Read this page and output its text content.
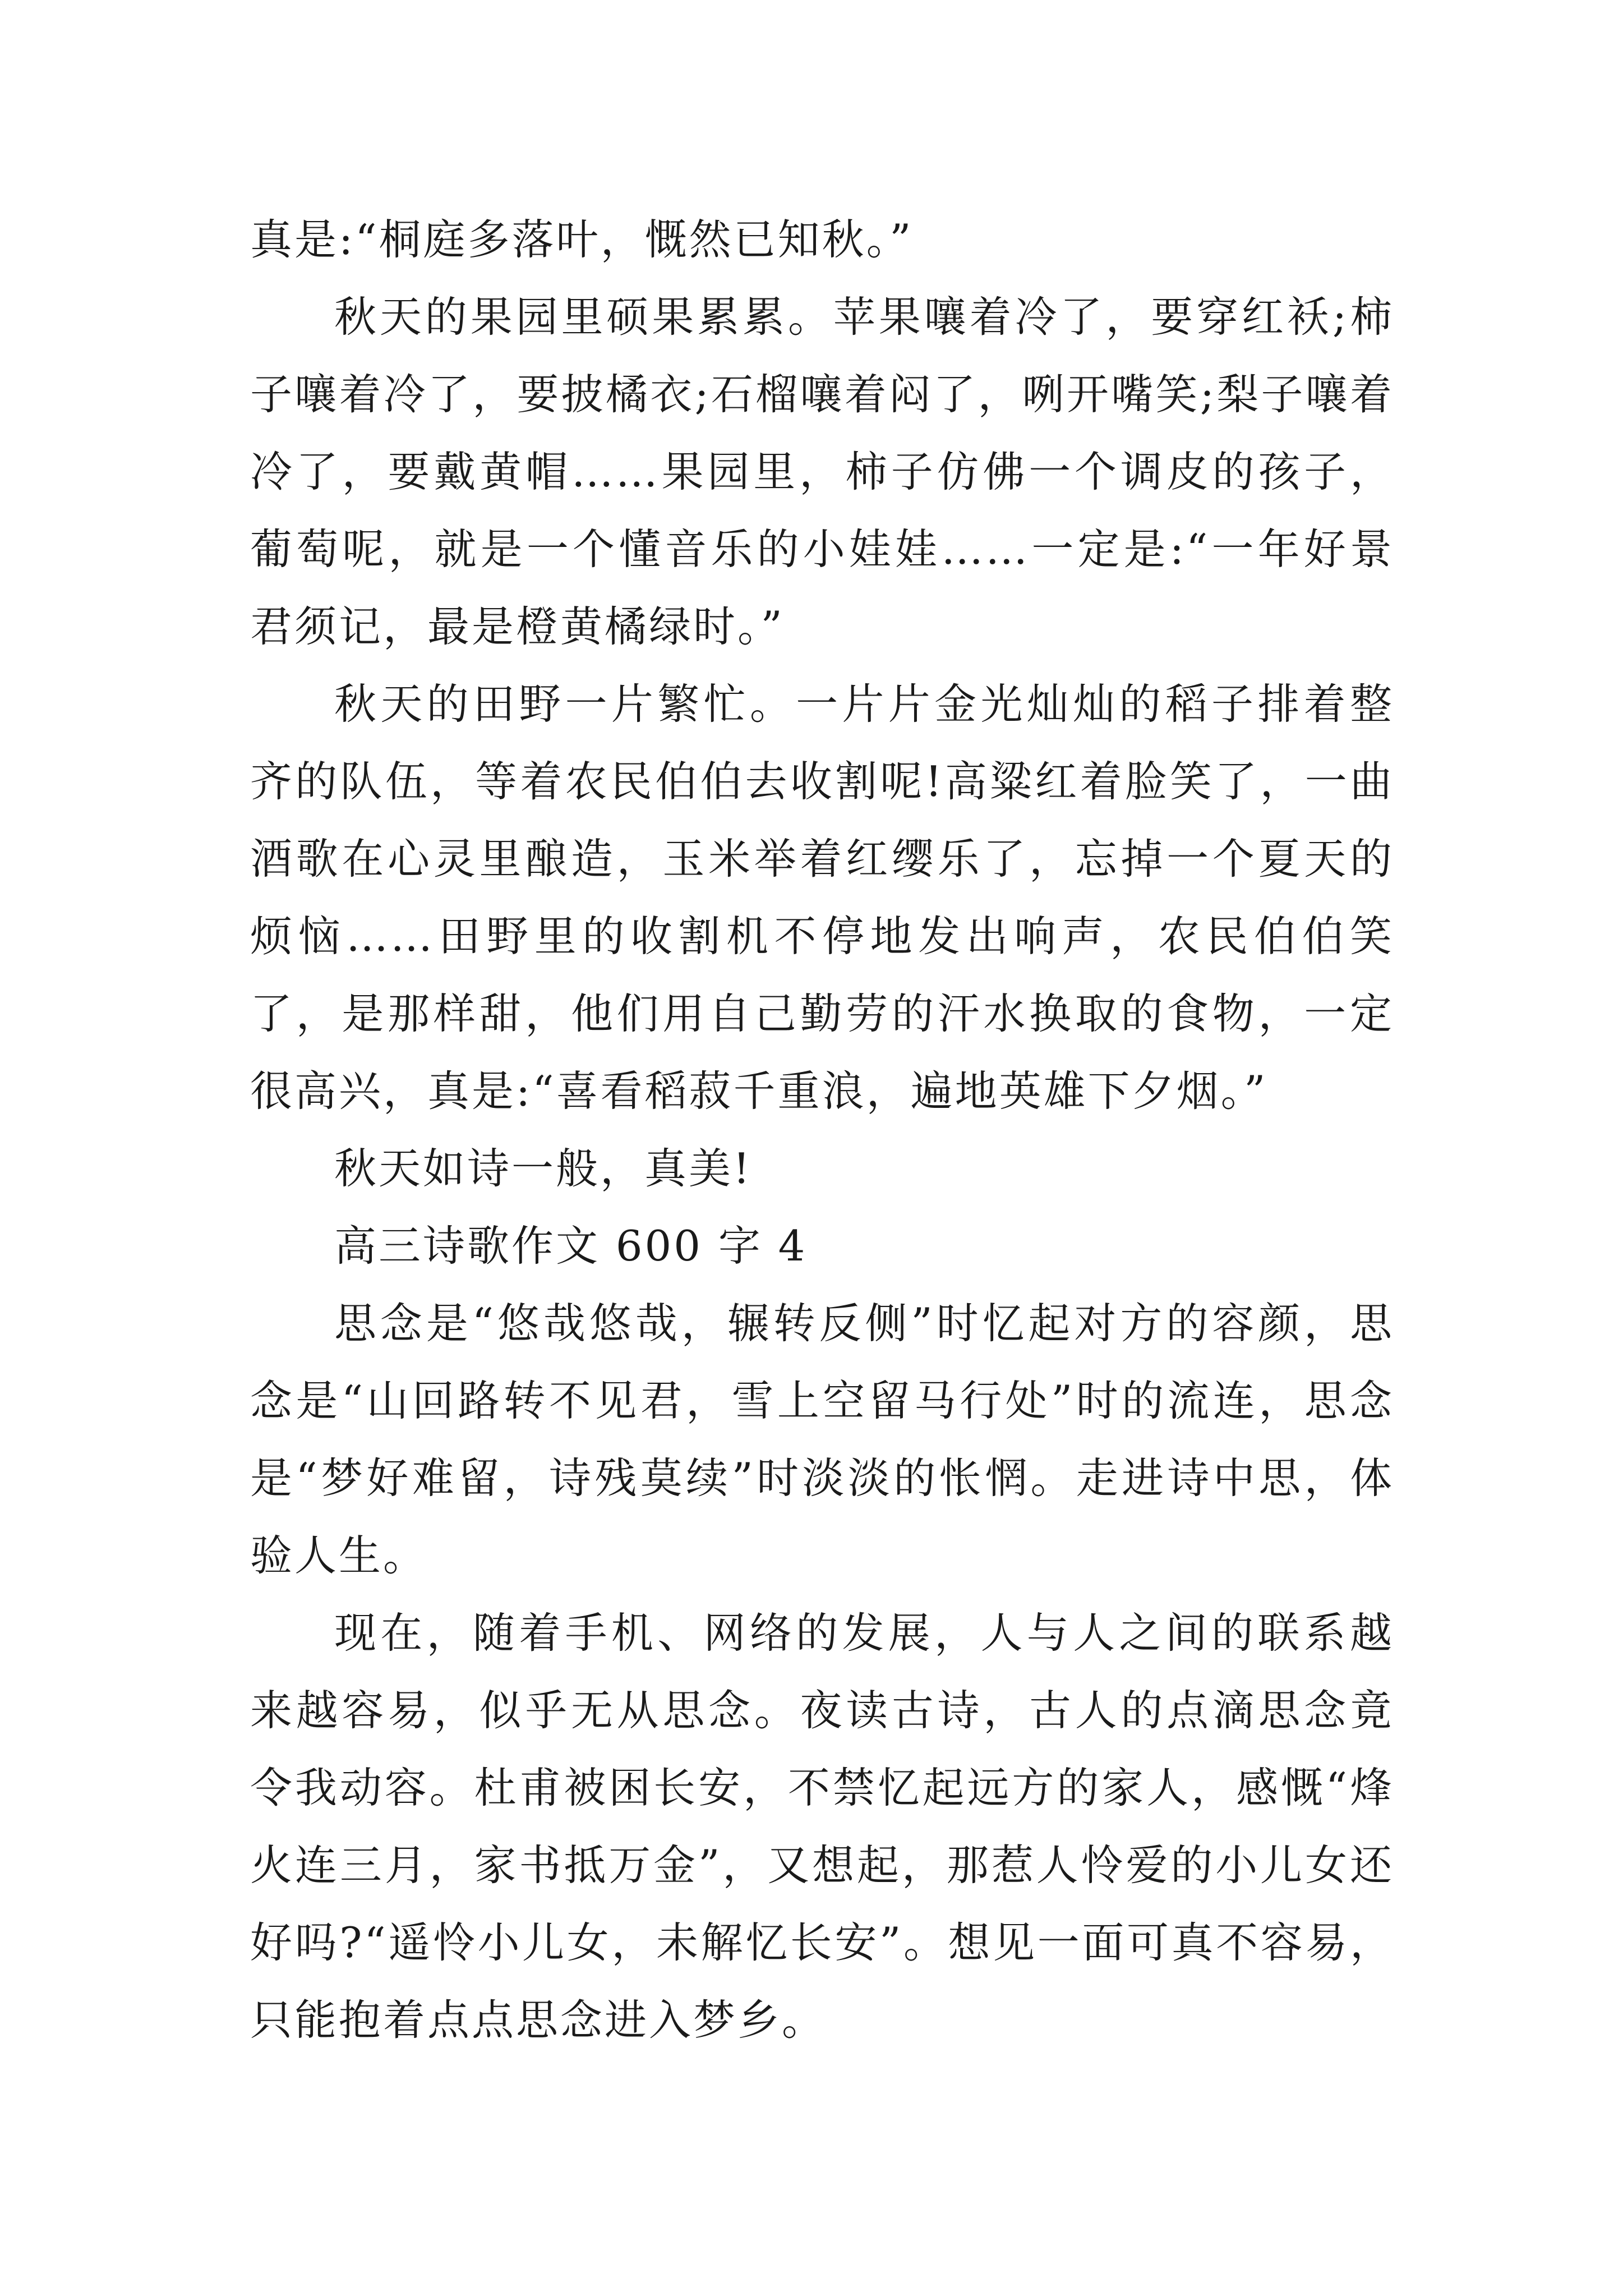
真是:“桐庭多落叶，慨然已知秋。”

秋天的果园里硕果累累。苹果嚷着冷了，要穿红袄;柿子嚷着冷了，要披橘衣;石榴嚷着闷了，咧开嘴笑;梨子嚷着冷了，要戴黄帽……果园里，柿子仿佛一个调皮的孩子，葡萄呢，就是一个懂音乐的小娃娃……一定是:“一年好景君须记，最是橙黄橘绿时。”

秋天的田野一片繁忙。一片片金光灿灿的稻子排着整齐的队伍，等着农民伯伯去收割呢!高粱红着脸笑了，一曲酒歌在心灵里酿造，玉米举着红缨乐了，忘掉一个夏天的烦恼……田野里的收割机不停地发出响声，农民伯伯笑了，是那样甜，他们用自己勤劳的汗水换取的食物，一定很高兴，真是:“喜看稻菽千重浪，遍地英雄下夕烟。”

秋天如诗一般，真美!

高三诗歌作文 600 字 4

思念是“悠哉悠哉，辗转反侧”时忆起对方的容颜，思念是“山回路转不见君，雪上空留马行处”时的流连，思念是“梦好难留，诗残莫续”时淡淡的怅惘。走进诗中思，体验人生。

现在，随着手机、网络的发展，人与人之间的联系越来越容易，似乎无从思念。夜读古诗，古人的点滴思念竟令我动容。杜甫被困长安，不禁忆起远方的家人，感慨“烽火连三月，家书抵万金”，又想起，那惹人怜爱的小儿女还好吗?“遥怜小儿女，未解忆长安”。想见一面可真不容易，只能抱着点点思念进入梦乡。
